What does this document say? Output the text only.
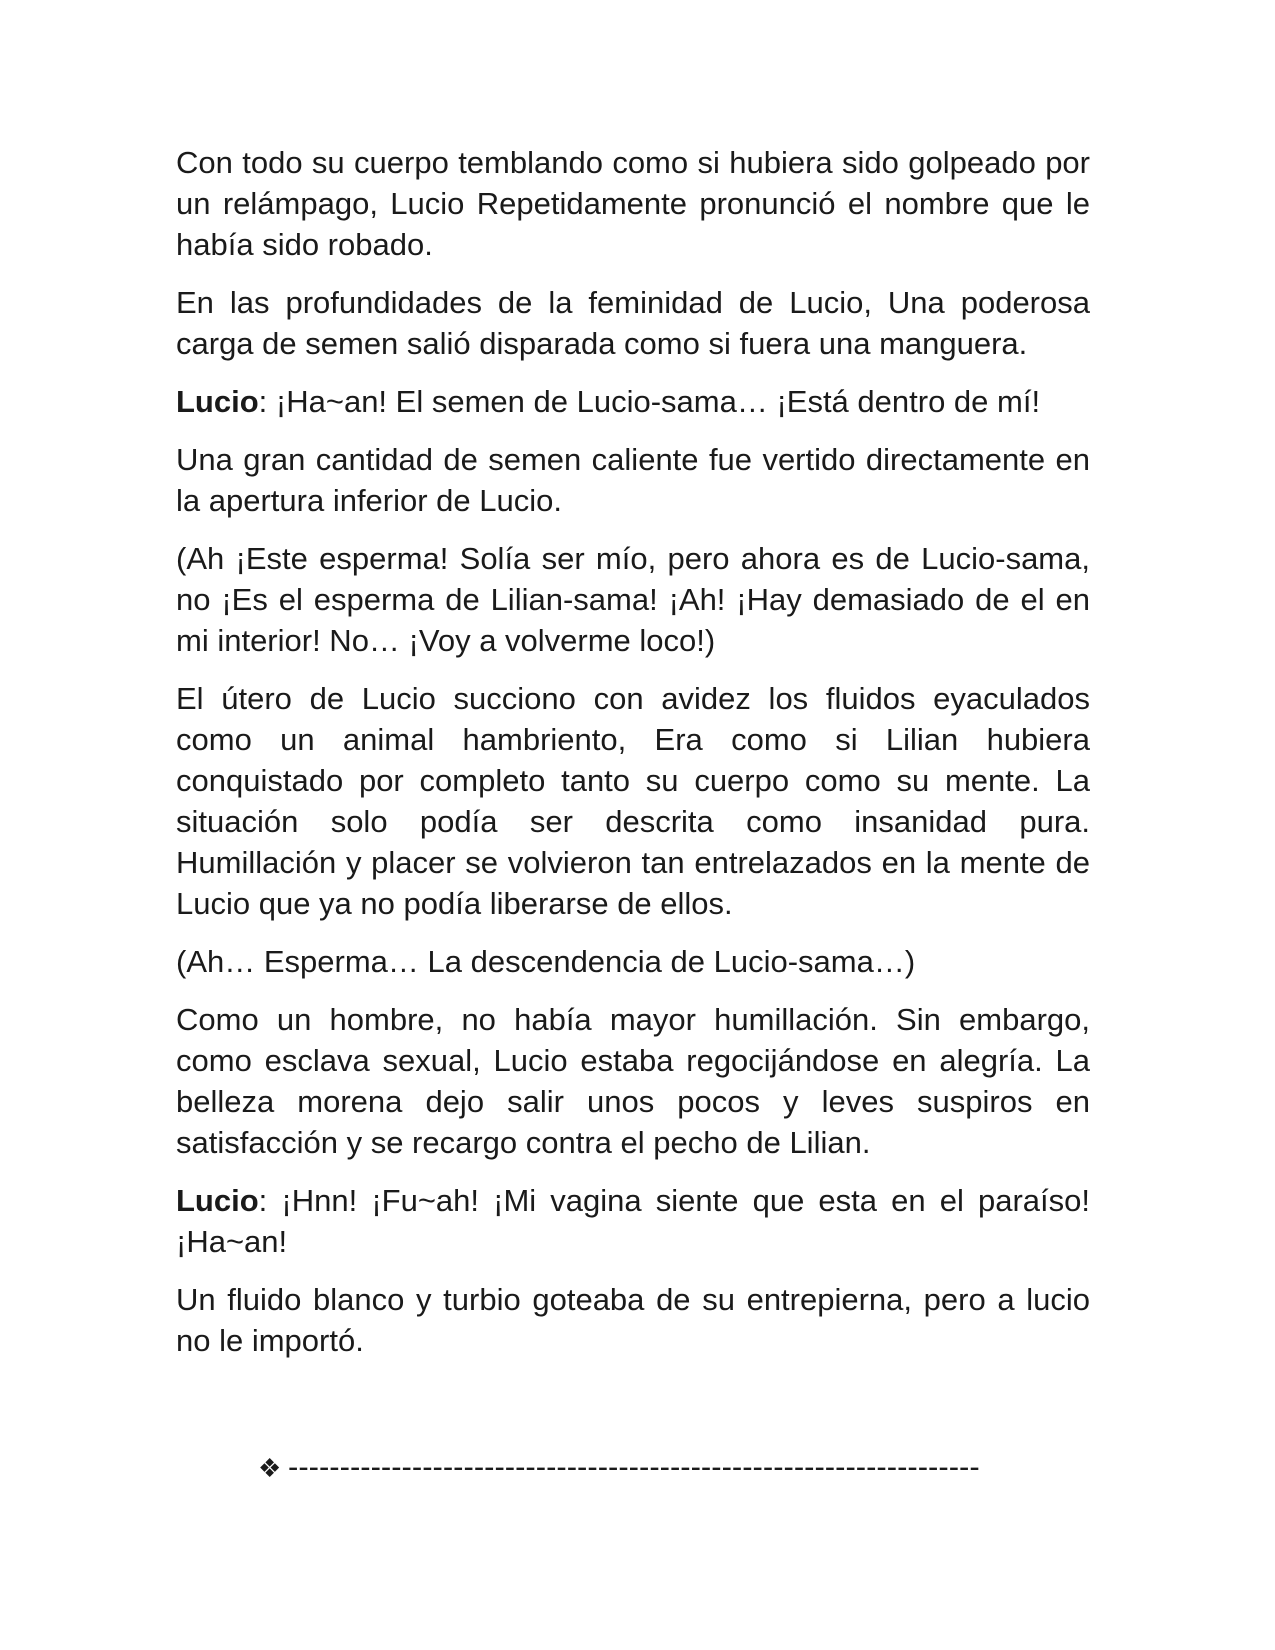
Con todo su cuerpo temblando como si hubiera sido golpeado por un relámpago, Lucio Repetidamente pronunció el nombre que le había sido robado.

En las profundidades de la feminidad de Lucio, Una poderosa carga de semen salió disparada como si fuera una manguera.

Lucio: ¡Ha~an! El semen de Lucio-sama… ¡Está dentro de mí!

Una gran cantidad de semen caliente fue vertido directamente en la apertura inferior de Lucio.

(Ah ¡Este esperma! Solía ser mío, pero ahora es de Lucio-sama, no ¡Es el esperma de Lilian-sama! ¡Ah! ¡Hay demasiado de el en mi interior! No… ¡Voy a volverme loco!)

El útero de Lucio succiono con avidez los fluidos eyaculados como un animal hambriento, Era como si Lilian hubiera conquistado por completo tanto su cuerpo como su mente. La situación solo podía ser descrita como insanidad pura. Humillación y placer se volvieron tan entrelazados en la mente de Lucio que ya no podía liberarse de ellos.

(Ah… Esperma… La descendencia de Lucio-sama…)

Como un hombre, no había mayor humillación. Sin embargo, como esclava sexual, Lucio estaba regocijándose en alegría. La belleza morena dejo salir unos pocos y leves suspiros en satisfacción y se recargo contra el pecho de Lilian.

Lucio: ¡Hnn! ¡Fu~ah! ¡Mi vagina siente que esta en el paraíso! ¡Ha~an!

Un fluido blanco y turbio goteaba de su entrepierna, pero a lucio no le importó.

❖ -------------------------------------------------------------------
